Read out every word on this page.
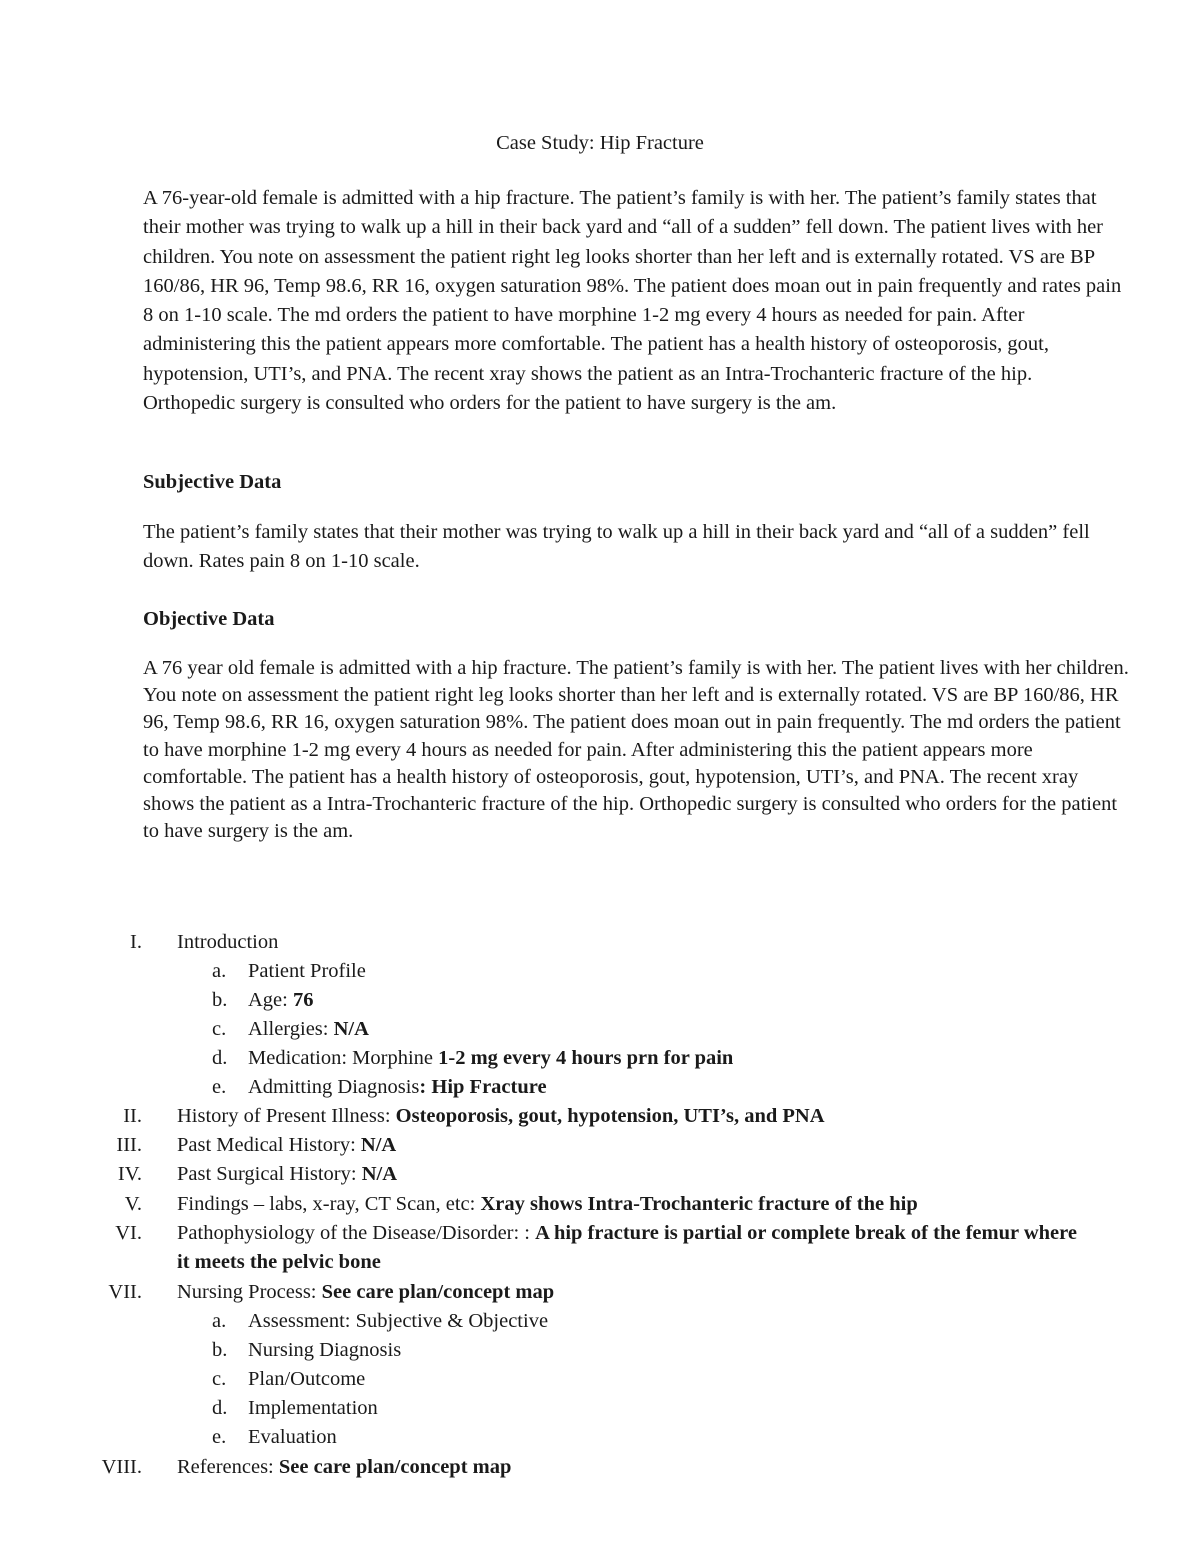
Case Study: Hip Fracture
A 76-year-old female is admitted with a hip fracture. The patient’s family is with her. The patient’s family states that their mother was trying to walk up a hill in their back yard and “all of a sudden” fell down. The patient lives with her children. You note on assessment the patient right leg looks shorter than her left and is externally rotated. VS are BP 160/86, HR 96, Temp 98.6, RR 16, oxygen saturation 98%. The patient does moan out in pain frequently and rates pain 8 on 1-10 scale. The md orders the patient to have morphine 1-2 mg every 4 hours as needed for pain. After administering this the patient appears more comfortable. The patient has a health history of osteoporosis, gout, hypotension, UTI’s, and PNA. The recent xray shows the patient as an Intra-Trochanteric fracture of the hip. Orthopedic surgery is consulted who orders for the patient to have surgery is the am.
Subjective Data
The patient’s family states that their mother was trying to walk up a hill in their back yard and “all of a sudden” fell down. Rates pain 8 on 1-10 scale.
Objective Data
A 76 year old female is admitted with a hip fracture. The patient’s family is with her. The patient lives with her children. You note on assessment the patient right leg looks shorter than her left and is externally rotated. VS are BP 160/86, HR 96, Temp 98.6, RR 16, oxygen saturation 98%. The patient does moan out in pain frequently. The md orders the patient to have morphine 1-2 mg every 4 hours as needed for pain. After administering this the patient appears more comfortable. The patient has a health history of osteoporosis, gout, hypotension, UTI’s, and PNA. The recent xray shows the patient as a Intra-Trochanteric fracture of the hip. Orthopedic surgery is consulted who orders for the patient to have surgery is the am.
I. Introduction
a. Patient Profile
b. Age: 76
c. Allergies: N/A
d. Medication: Morphine 1-2 mg every 4 hours prn for pain
e. Admitting Diagnosis: Hip Fracture
II. History of Present Illness: Osteoporosis, gout, hypotension, UTI’s, and PNA
III. Past Medical History: N/A
IV. Past Surgical History: N/A
V. Findings – labs, x-ray, CT Scan, etc: Xray shows Intra-Trochanteric fracture of the hip
VI. Pathophysiology of the Disease/Disorder: : A hip fracture is partial or complete break of the femur where it meets the pelvic bone
VII. Nursing Process: See care plan/concept map
a. Assessment: Subjective & Objective
b. Nursing Diagnosis
c. Plan/Outcome
d. Implementation
e. Evaluation
VIII. References: See care plan/concept map
